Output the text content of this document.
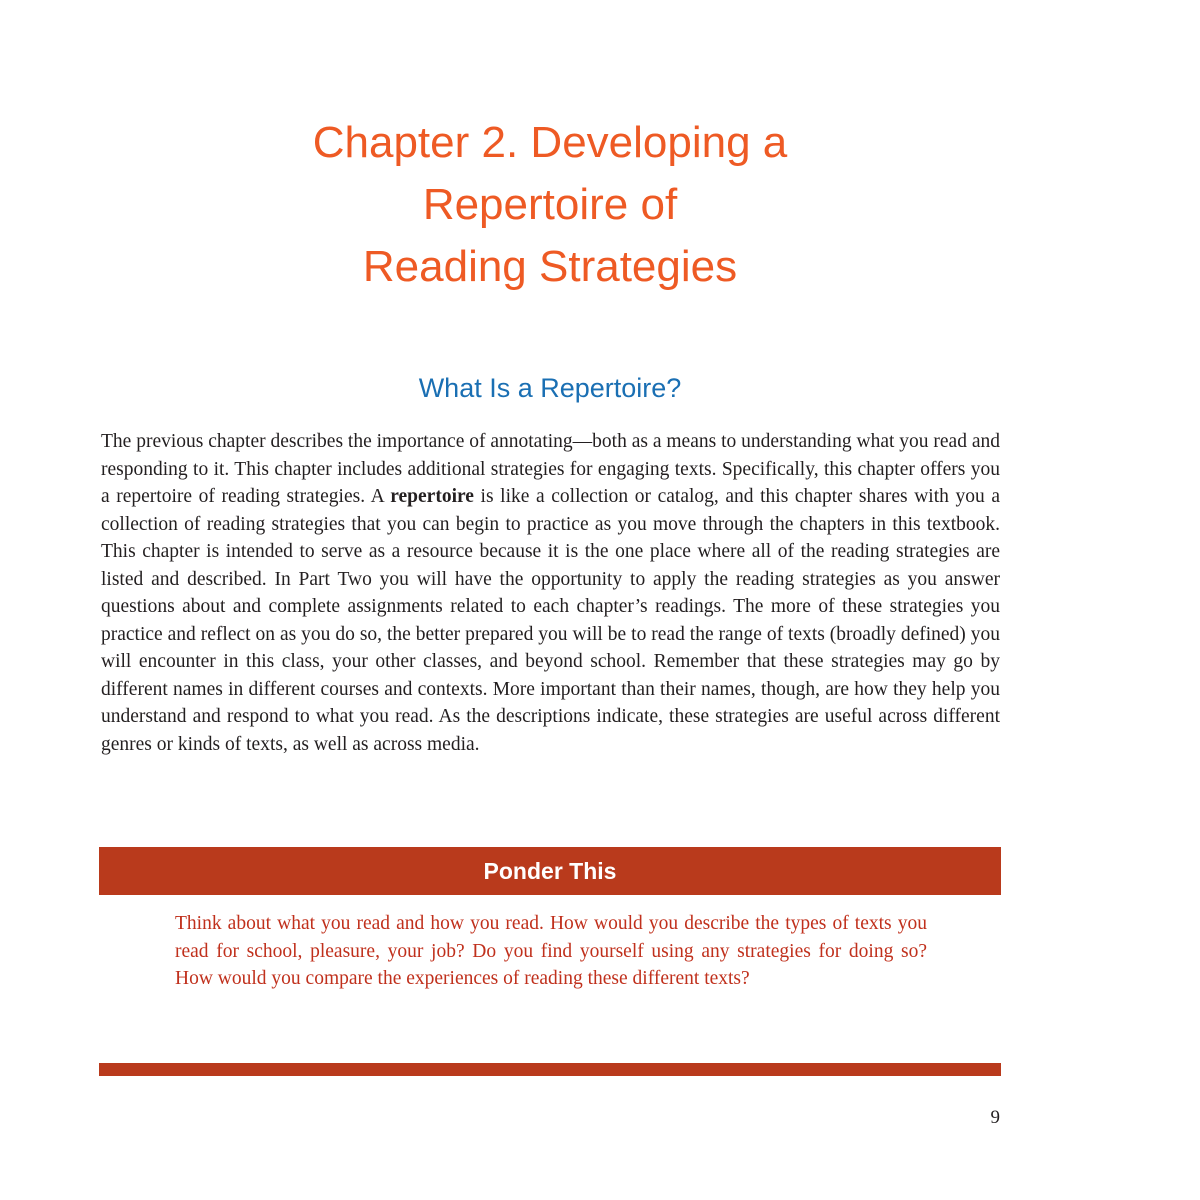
Chapter 2. Developing a
Repertoire of
Reading Strategies
What Is a Repertoire?

The previous chapter describes the importance of annotating—both as a means to understanding what you read and responding to it. This chapter includes additional strategies for engaging texts. Specifically, this chapter offers you a repertoire of reading strategies. A repertoire is like a collection or catalog, and this chapter shares with you a collection of reading strategies that you can begin to practice as you move through the chapters in this textbook. This chapter is intended to serve as a resource because it is the one place where all of the reading strategies are listed and described. In Part Two you will have the opportunity to apply the reading strategies as you answer questions about and complete assignments related to each chapter’s readings. The more of these strategies you practice and reflect on as you do so, the better prepared you will be to read the range of texts (broadly defined) you will encounter in this class, your other classes, and beyond school. Remember that these strategies may go by different names in different courses and contexts. More important than their names, though, are how they help you understand and respond to what you read. As the descriptions indicate, these strategies are useful across different genres or kinds of texts, as well as across media.

Ponder This

Think about what you read and how you read. How would you describe the types of texts you read for school, pleasure, your job? Do you find yourself using any strategies for doing so? How would you compare the experiences of reading these different texts?

9
